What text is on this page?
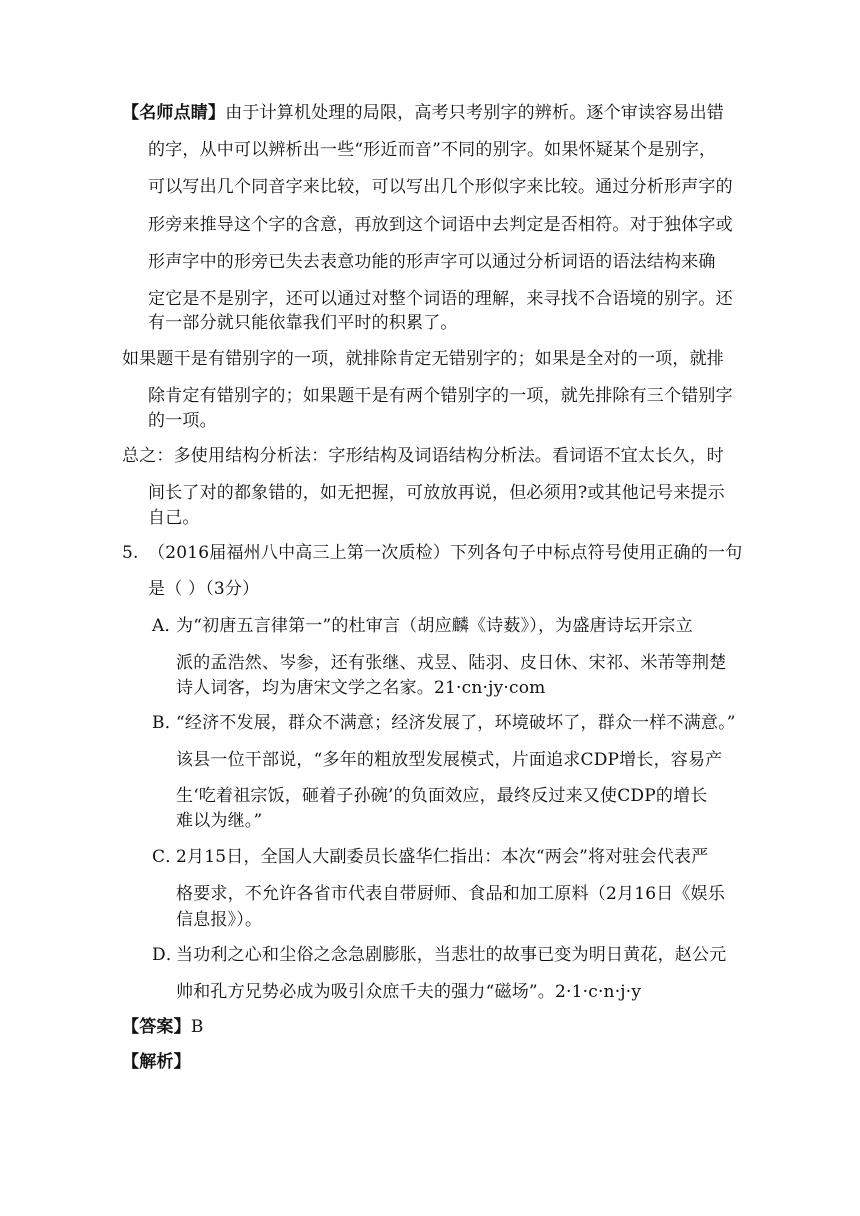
【名师点睛】由于计算机处理的局限，高考只考别字的辨析。逐个审读容易出错
的字，从中可以辨析出一些“形近而音”不同的别字。如果怀疑某个是别字，
可以写出几个同音字来比较，可以写出几个形似字来比较。通过分析形声字的
形旁来推导这个字的含意，再放到这个词语中去判定是否相符。对于独体字或
形声字中的形旁已失去表意功能的形声字可以通过分析词语的语法结构来确
定它是不是别字，还可以通过对整个词语的理解，来寻找不合语境的别字。还
有一部分就只能依靠我们平时的积累了。
如果题干是有错别字的一项，就排除肯定无错别字的；如果是全对的一项，就排
除肯定有错别字的；如果题干是有两个错别字的一项，就先排除有三个错别字
的一项。
总之：多使用结构分析法：字形结构及词语结构分析法。看词语不宜太长久，时
间长了对的都象错的，如无把握，可放放再说，但必须用?或其他记号来提示
自己。
5. （2016届福州八中高三上第一次质检）下列各句子中标点符号使用正确的一句
是（ ）（3分）
A．
为“初唐五言律第一”的杜审言（胡应麟《诗薮》），为盛唐诗坛开宗立
派的孟浩然、岑参，还有张继、戎昱、陆羽、皮日休、宋祁、米芾等荆楚
诗人词客，均为唐宋文学之名家。21·cn·jy·com
B．
“经济不发展，群众不满意；经济发展了，环境破坏了，群众一样不满意。”
该县一位干部说，“多年的粗放型发展模式，片面追求CDP增长，容易产
生‘吃着祖宗饭，砸着子孙碗’的负面效应，最终反过来又使CDP的增长
难以为继。”
C．
2月15日，全国人大副委员长盛华仁指出：本次“两会”将对驻会代表严
格要求，不允许各省市代表自带厨师、食品和加工原料（2月16日《娱乐
信息报》）。
D．
当功利之心和尘俗之念急剧膨胀，当悲壮的故事已变为明日黄花，赵公元
帅和孔方兄势必成为吸引众庶千夫的强力“磁场”。2·1·c·n·j·y
【答案】B
【解析】
